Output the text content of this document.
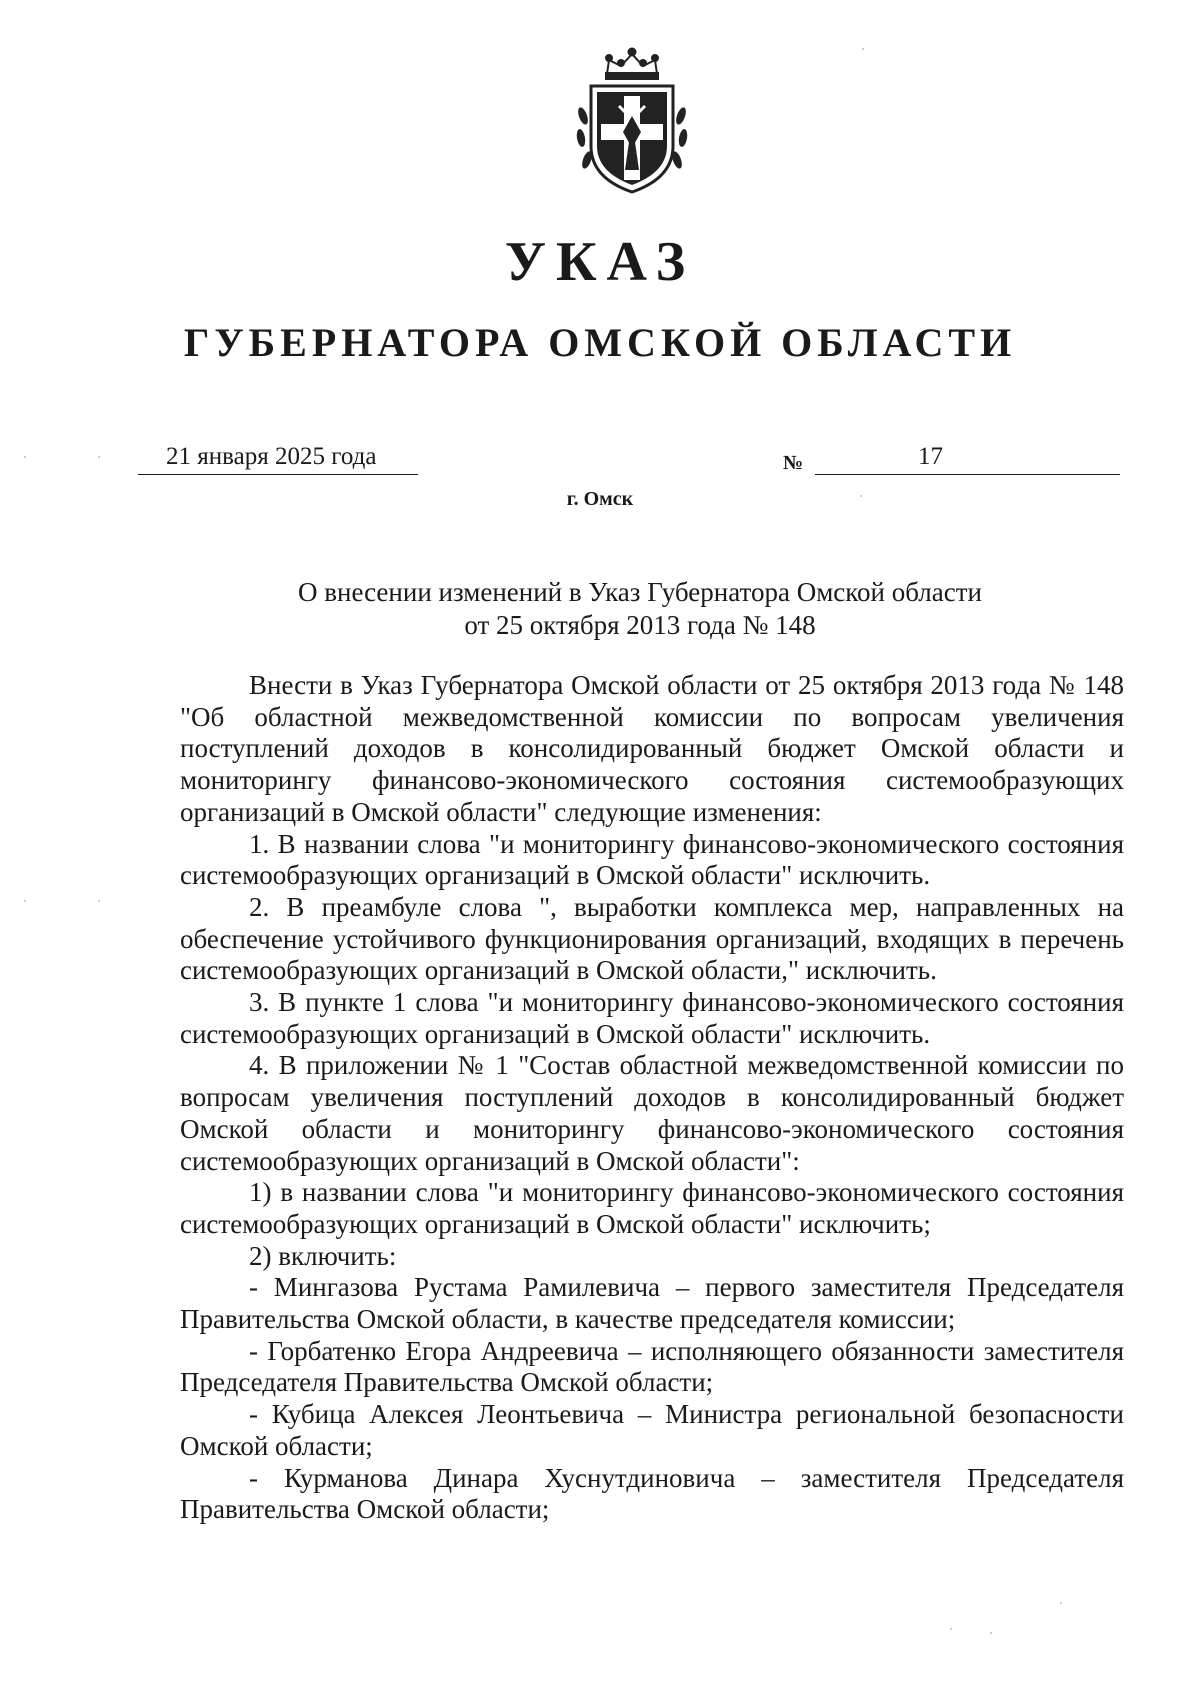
УКАЗ
ГУБЕРНАТОРА ОМСКОЙ ОБЛАСТИ
21 января 2025 года	№	17
г. Омск
О внесении изменений в Указ Губернатора Омской области
от 25 октября 2013 года № 148

Внести в Указ Губернатора Омской области от 25 октября 2013 года № 148 "Об областной межведомственной комиссии по вопросам увеличения поступлений доходов в консолидированный бюджет Омской области и мониторингу финансово-экономического состояния системообразующих организаций в Омской области" следующие изменения:

1. В названии слова "и мониторингу финансово-экономического состояния системообразующих организаций в Омской области" исключить.

2. В преамбуле слова ", выработки комплекса мер, направленных на обеспечение устойчивого функционирования организаций, входящих в перечень системообразующих организаций в Омской области," исключить.

3. В пункте 1 слова "и мониторингу финансово-экономического состояния системообразующих организаций в Омской области" исключить.

4. В приложении № 1 "Состав областной межведомственной комиссии по вопросам увеличения поступлений доходов в консолидированный бюджет Омской области и мониторингу финансово-экономического состояния системообразующих организаций в Омской области":

1) в названии слова "и мониторингу финансово-экономического состояния системообразующих организаций в Омской области" исключить;

2) включить:

- Мингазова Рустама Рамилевича – первого заместителя Председателя Правительства Омской области, в качестве председателя комиссии;

- Горбатенко Егора Андреевича – исполняющего обязанности заместителя Председателя Правительства Омской области;

- Кубица Алексея Леонтьевича – Министра региональной безопасности Омской области;

- Курманова Динара Хуснутдиновича – заместителя Председателя Правительства Омской области;
